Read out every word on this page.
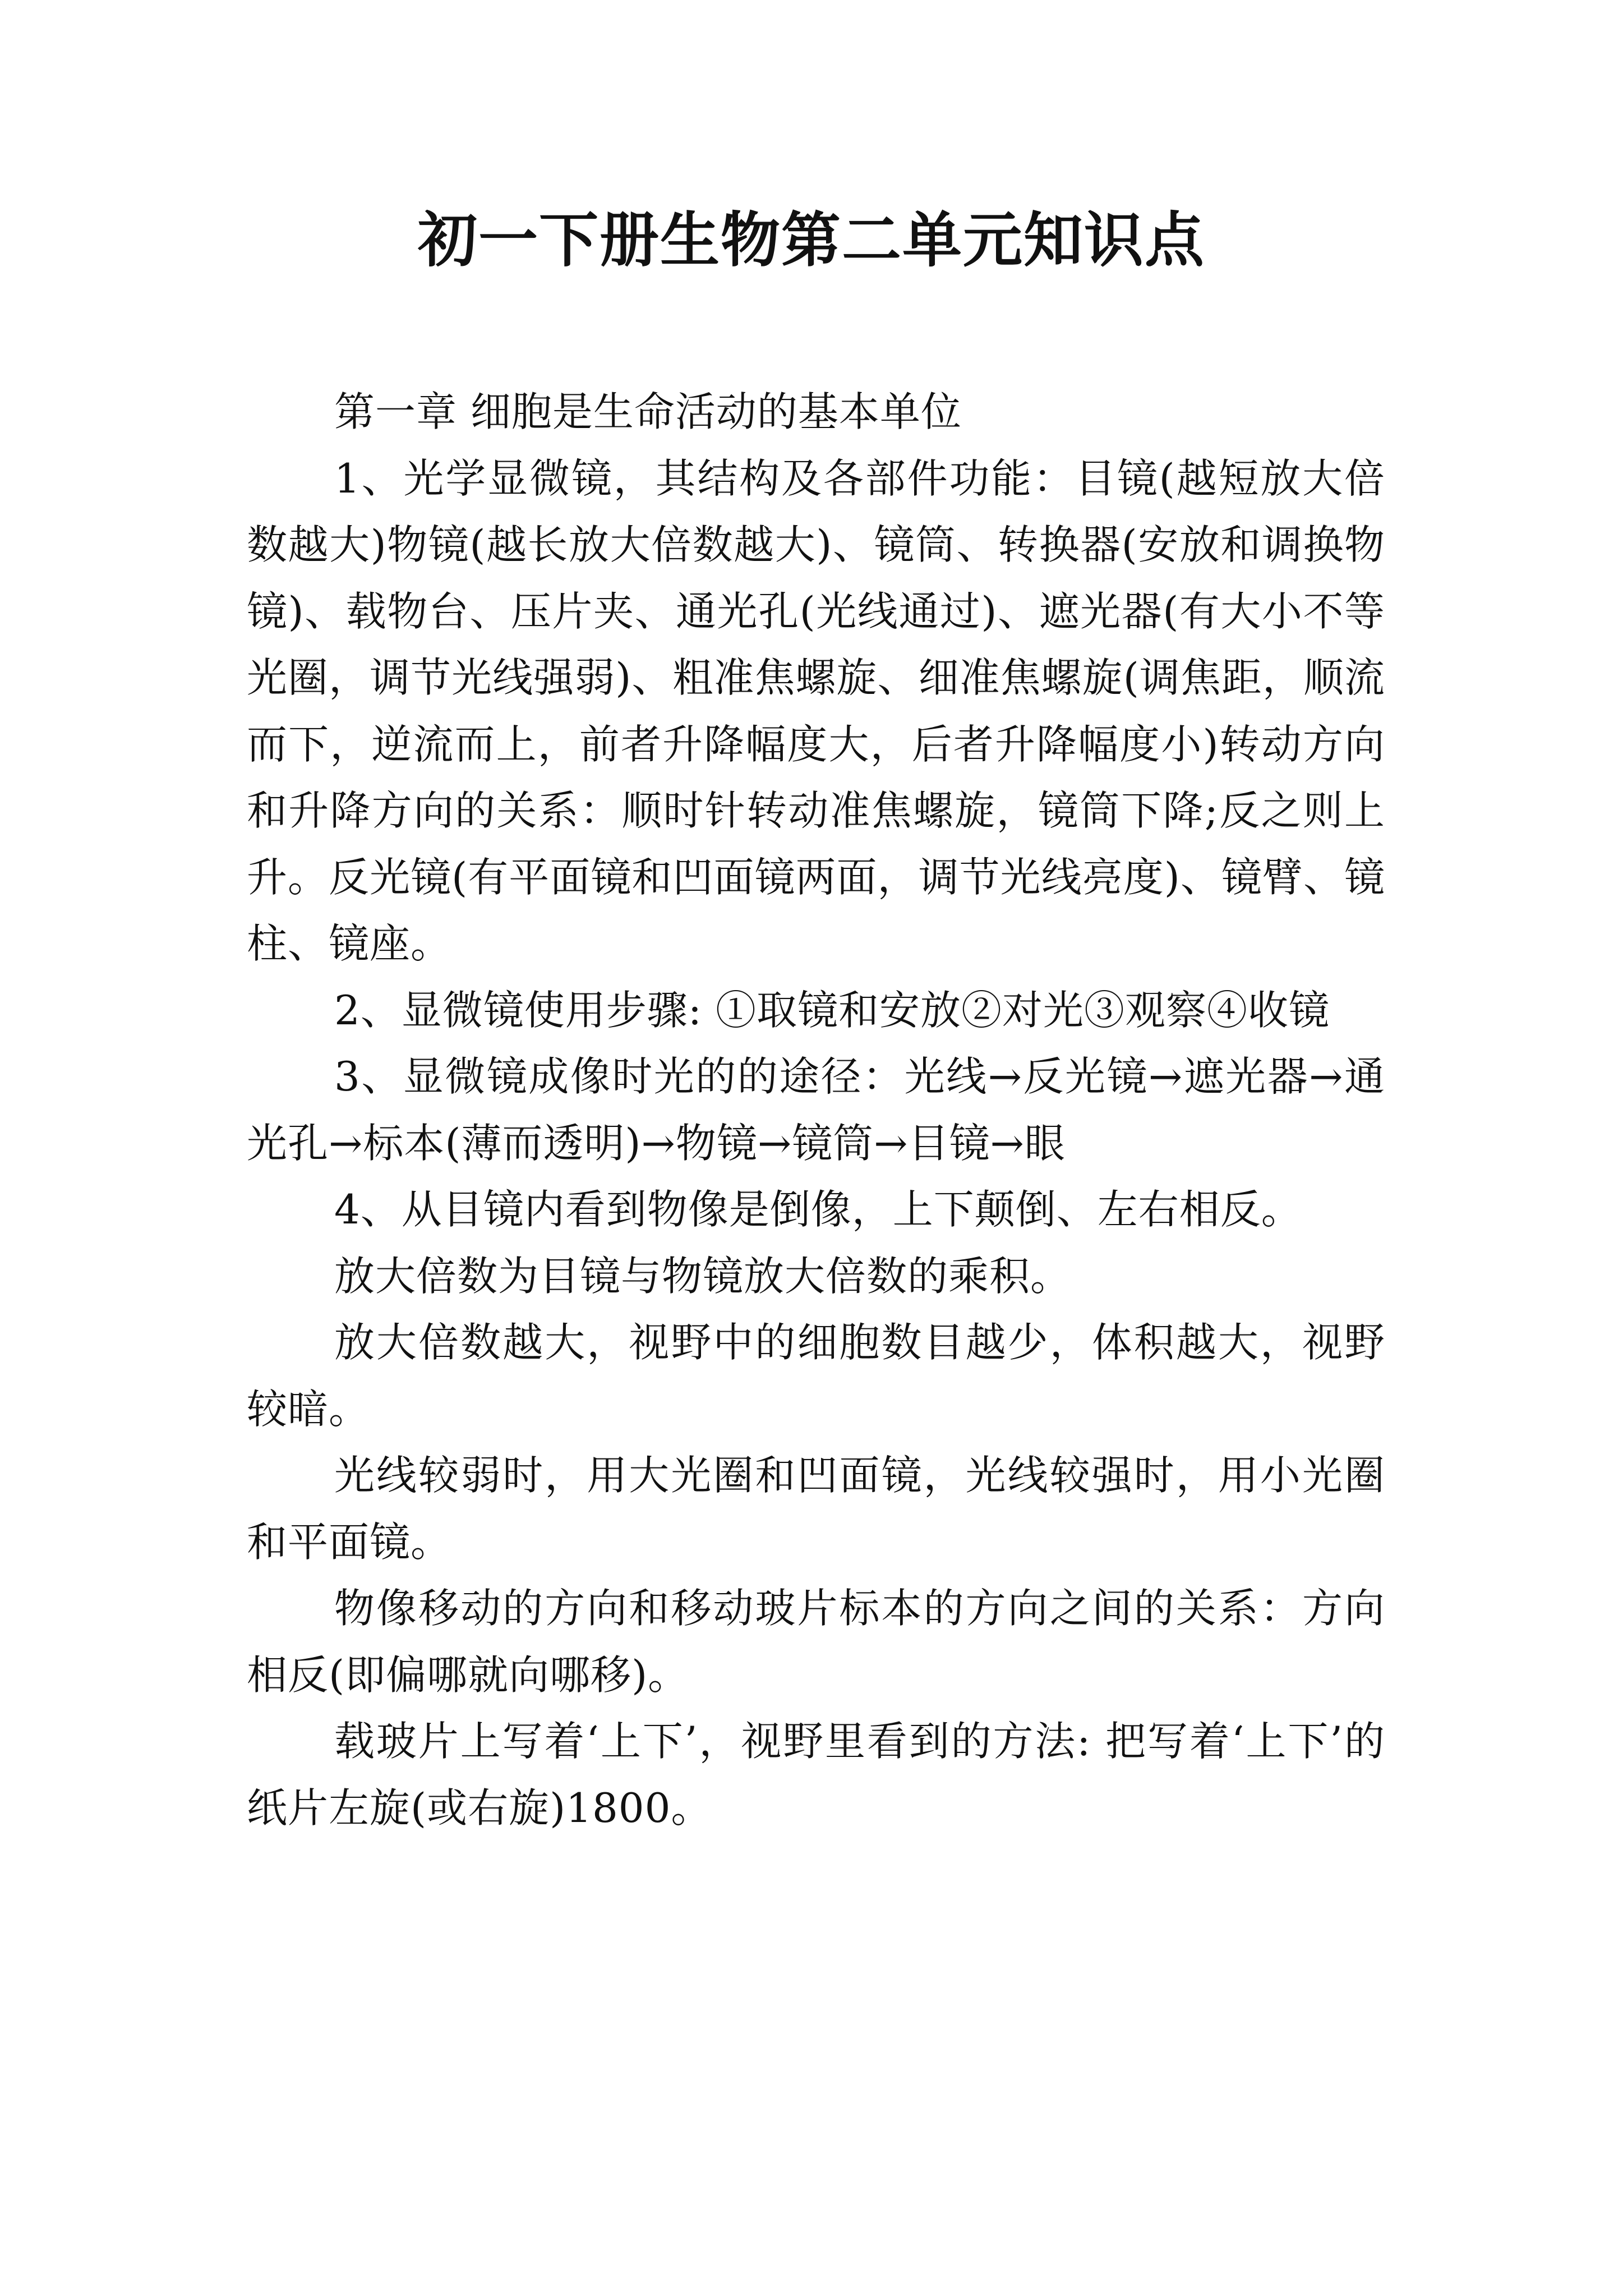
初一下册生物第二单元知识点

第一章 细胞是生命活动的基本单位

1、光学显微镜，其结构及各部件功能：目镜(越短放大倍数越大)物镜(越长放大倍数越大)、镜筒、转换器(安放和调换物镜)、载物台、压片夹、通光孔(光线通过)、遮光器(有大小不等光圈，调节光线强弱)、粗准焦螺旋、细准焦螺旋(调焦距，顺流而下，逆流而上，前者升降幅度大，后者升降幅度小)转动方向和升降方向的关系：顺时针转动准焦螺旋，镜筒下降;反之则上升。反光镜(有平面镜和凹面镜两面，调节光线亮度)、镜臂、镜柱、镜座。

2、显微镜使用步骤: ①取镜和安放②对光③观察④收镜

3、显微镜成像时光的的途径：光线→反光镜→遮光器→通光孔→标本(薄而透明)→物镜→镜筒→目镜→眼

4、从目镜内看到物像是倒像，上下颠倒、左右相反。

放大倍数为目镜与物镜放大倍数的乘积。

放大倍数越大，视野中的细胞数目越少，体积越大，视野较暗。

光线较弱时，用大光圈和凹面镜，光线较强时，用小光圈和平面镜。

物像移动的方向和移动玻片标本的方向之间的关系：方向相反(即偏哪就向哪移)。

载玻片上写着‘上下’，视野里看到的方法: 把写着‘上下’的纸片左旋(或右旋)1800。
